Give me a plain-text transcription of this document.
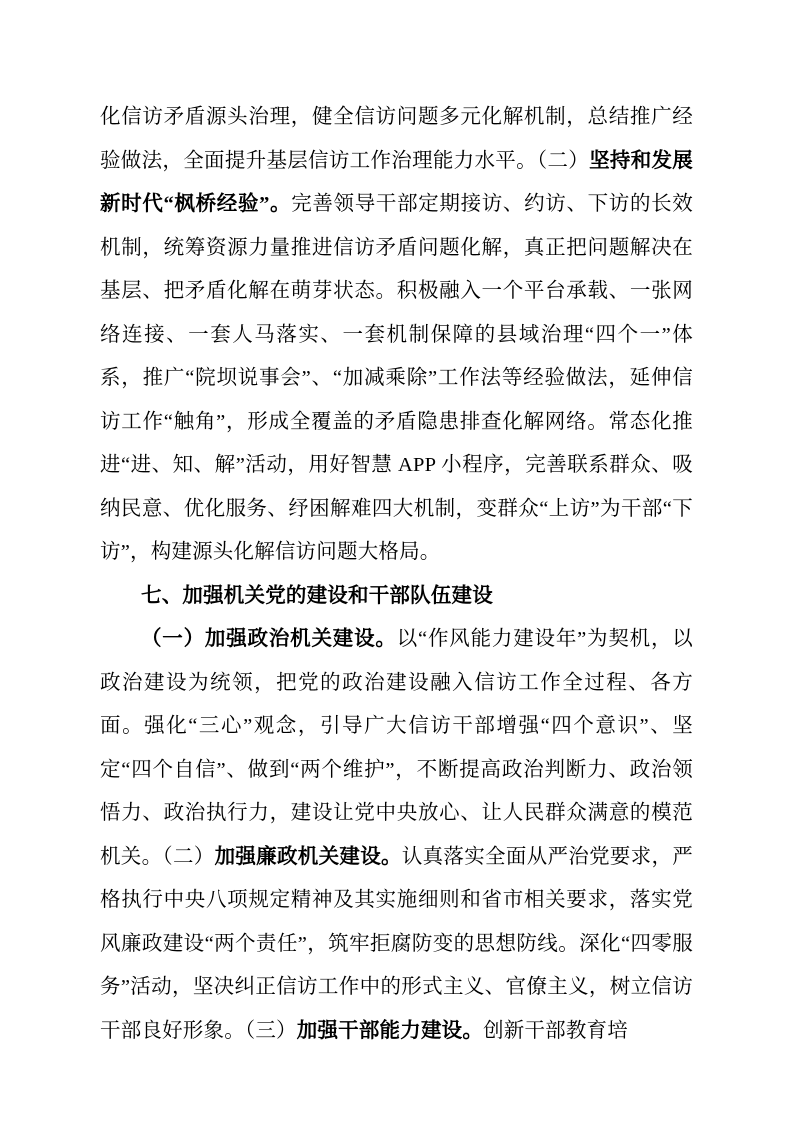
化信访矛盾源头治理，健全信访问题多元化解机制，总结推广经验做法，全面提升基层信访工作治理能力水平。（二）坚持和发展新时代“枫桥经验”。完善领导干部定期接访、约访、下访的长效机制，统筹资源力量推进信访矛盾问题化解，真正把问题解决在基层、把矛盾化解在萌芽状态。积极融入一个平台承载、一张网络连接、一套人马落实、一套机制保障的县域治理“四个一”体系，推广“院坝说事会”、“加减乘除”工作法等经验做法，延伸信访工作“触角”，形成全覆盖的矛盾隐患排查化解网络。常态化推进“进、知、解”活动，用好智慧 APP 小程序，完善联系群众、吸纳民意、优化服务、纾困解难四大机制，变群众“上访”为干部“下访”，构建源头化解信访问题大格局。

七、加强机关党的建设和干部队伍建设

（一）加强政治机关建设。以“作风能力建设年”为契机，以政治建设为统领，把党的政治建设融入信访工作全过程、各方面。强化“三心”观念，引导广大信访干部增强“四个意识”、坚定“四个自信”、做到“两个维护”，不断提高政治判断力、政治领悟力、政治执行力，建设让党中央放心、让人民群众满意的模范机关。（二）加强廉政机关建设。认真落实全面从严治党要求，严格执行中央八项规定精神及其实施细则和省市相关要求，落实党风廉政建设“两个责任”，筑牢拒腐防变的思想防线。深化“四零服务”活动，坚决纠正信访工作中的形式主义、官僚主义，树立信访干部良好形象。（三）加强干部能力建设。创新干部教育培
